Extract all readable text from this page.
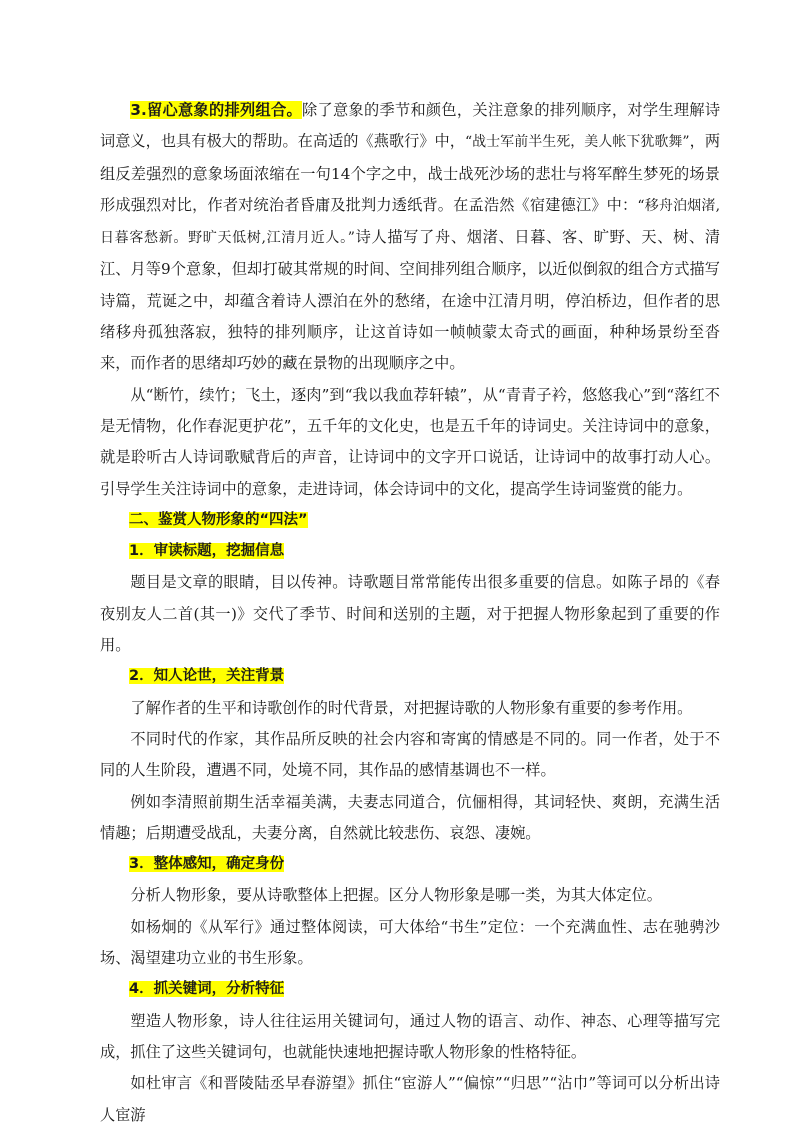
3.留心意象的排列组合。除了意象的季节和颜色，关注意象的排列顺序，对学生理解诗词意义，也具有极大的帮助。在高适的《燕歌行》中，“战士军前半生死，美人帐下犹歌舞”，两组反差强烈的意象场面浓缩在一句14个字之中，战士战死沙场的悲壮与将军醉生梦死的场景形成强烈对比，作者对统治者昏庸及批判力透纸背。在孟浩然《宿建德江》中：“移舟泊烟渚,日暮客愁新。野旷天低树,江清月近人。”诗人描写了舟、烟渚、日暮、客、旷野、天、树、清江、月等9个意象，但却打破其常规的时间、空间排列组合顺序，以近似倒叙的组合方式描写诗篇，荒诞之中，却蕴含着诗人漂泊在外的愁绪，在途中江清月明，停泊桥边，但作者的思绪移舟孤独落寂，独特的排列顺序，让这首诗如一帧帧蒙太奇式的画面，种种场景纷至沓来，而作者的思绪却巧妙的藏在景物的出现顺序之中。

从“断竹，续竹；飞土，逐肉”到“我以我血荐轩辕”，从“青青子衿，悠悠我心”到“落红不是无情物，化作春泥更护花”，五千年的文化史，也是五千年的诗词史。关注诗词中的意象，就是聆听古人诗词歌赋背后的声音，让诗词中的文字开口说话，让诗词中的故事打动人心。引导学生关注诗词中的意象，走进诗词，体会诗词中的文化，提高学生诗词鉴赏的能力。

二、鉴赏人物形象的“四法”

1．审读标题，挖掘信息

题目是文章的眼睛，目以传神。诗歌题目常常能传出很多重要的信息。如陈子昂的《春夜别友人二首(其一)》交代了季节、时间和送别的主题，对于把握人物形象起到了重要的作用。

2．知人论世，关注背景

了解作者的生平和诗歌创作的时代背景，对把握诗歌的人物形象有重要的参考作用。

不同时代的作家，其作品所反映的社会内容和寄寓的情感是不同的。同一作者，处于不同的人生阶段，遭遇不同，处境不同，其作品的感情基调也不一样。

例如李清照前期生活幸福美满，夫妻志同道合，伉俪相得，其词轻快、爽朗，充满生活情趣；后期遭受战乱，夫妻分离，自然就比较悲伤、哀怨、凄婉。

3．整体感知，确定身份

分析人物形象，要从诗歌整体上把握。区分人物形象是哪一类，为其大体定位。

如杨炯的《从军行》通过整体阅读，可大体给“书生”定位：一个充满血性、志在驰骋沙场、渴望建功立业的书生形象。

4．抓关键词，分析特征

塑造人物形象，诗人往往运用关键词句，通过人物的语言、动作、神态、心理等描写完成，抓住了这些关键词句，也就能快速地把握诗歌人物形象的性格特征。

如杜审言《和晋陵陆丞早春游望》抓住“宦游人”“偏惊”“归思”“沾巾”等词可以分析出诗人宦游
